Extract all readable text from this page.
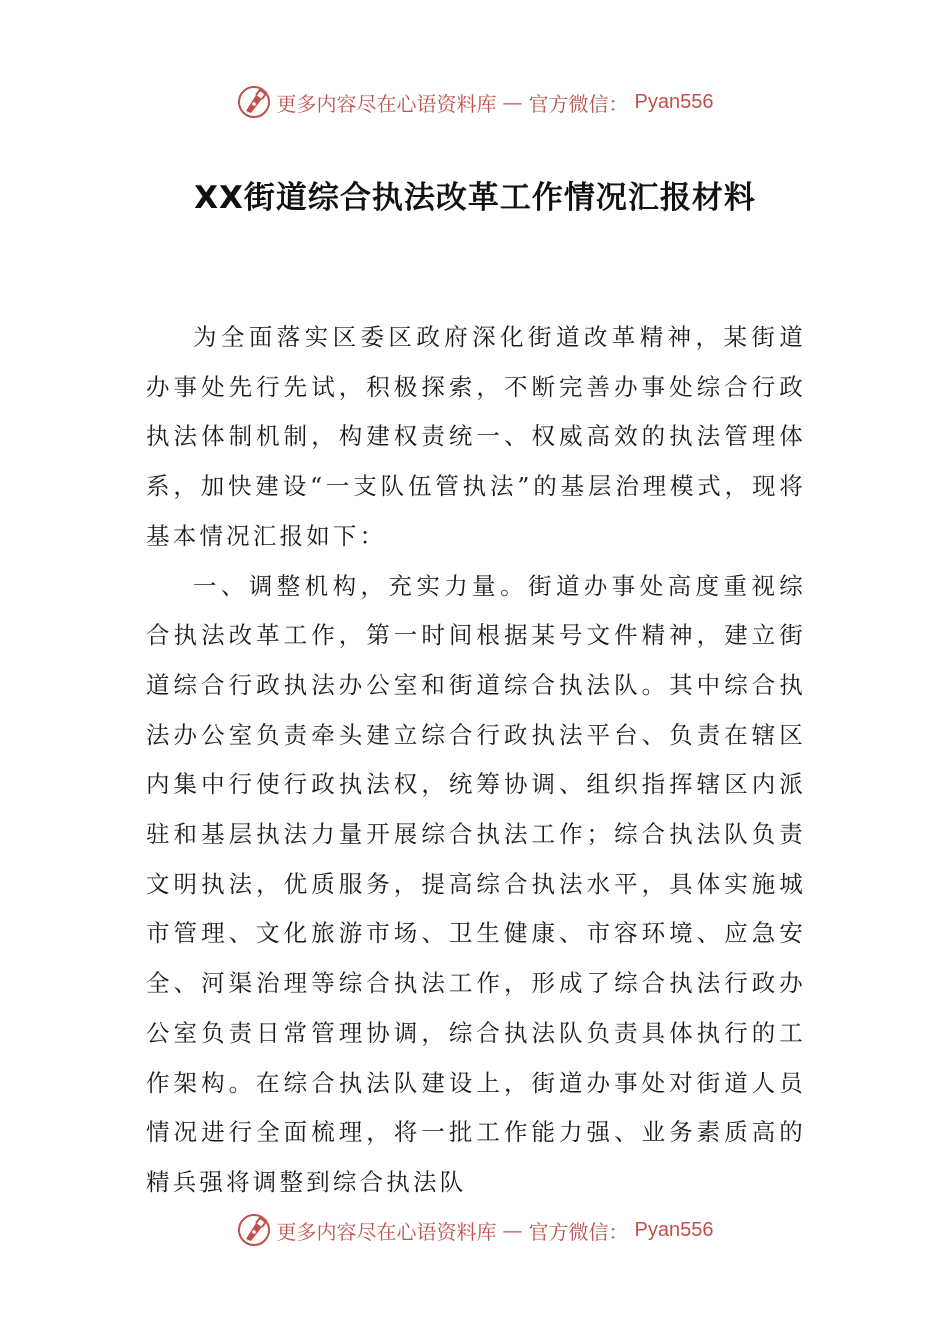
更多内容尽在心语资料库 — 官方微信： Pyan556
XX街道综合执法改革工作情况汇报材料

为全面落实区委区政府深化街道改革精神，某街道办事处先行先试，积极探索，不断完善办事处综合行政执法体制机制，构建权责统一、权威高效的执法管理体系，加快建设“一支队伍管执法”的基层治理模式，现将基本情况汇报如下：

一、调整机构，充实力量。街道办事处高度重视综合执法改革工作，第一时间根据某号文件精神，建立街道综合行政执法办公室和街道综合执法队。其中综合执法办公室负责牵头建立综合行政执法平台、负责在辖区内集中行使行政执法权，统筹协调、组织指挥辖区内派驻和基层执法力量开展综合执法工作；综合执法队负责文明执法，优质服务，提高综合执法水平，具体实施城市管理、文化旅游市场、卫生健康、市容环境、应急安全、河渠治理等综合执法工作，形成了综合执法行政办公室负责日常管理协调，综合执法队负责具体执行的工作架构。在综合执法队建设上，街道办事处对街道人员情况进行全面梳理，将一批工作能力强、业务素质高的精兵强将调整到综合执法队

更多内容尽在心语资料库 — 官方微信： Pyan556
